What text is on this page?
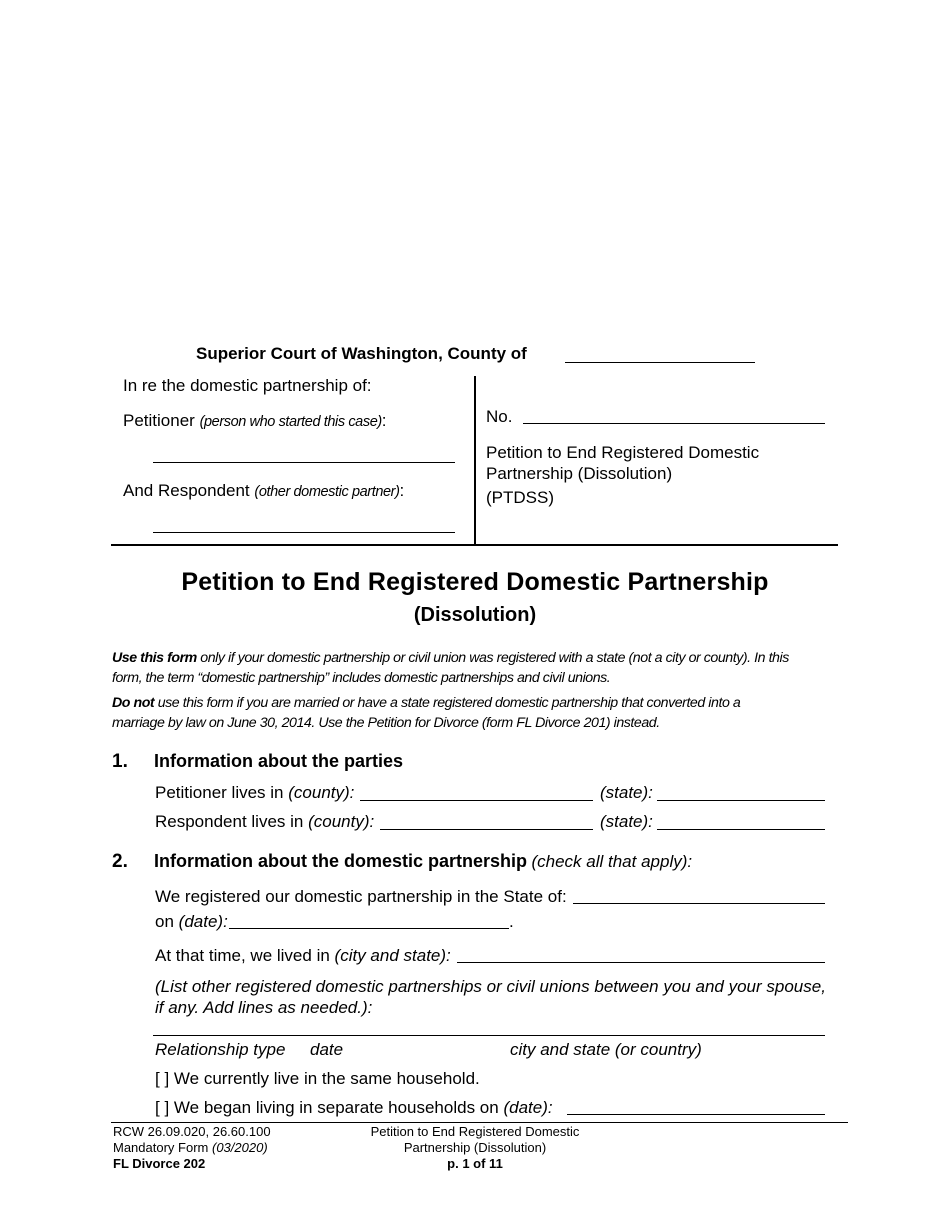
Superior Court of Washington, County of
In re the domestic partnership of:
Petitioner (person who started this case):
And Respondent (other domestic partner):
No.
Petition to End Registered Domestic
Partnership (Dissolution)
(PTDSS)
Petition to End Registered Domestic Partnership
(Dissolution)
Use this form only if your domestic partnership or civil union was registered with a state (not a city or county). In this
form, the term “domestic partnership” includes domestic partnerships and civil unions.
Do not use this form if you are married or have a state registered domestic partnership that converted into a
marriage by law on June 30, 2014. Use the Petition for Divorce (form FL Divorce 201) instead.
1. Information about the parties
Petitioner lives in (county):	(state):
Respondent lives in (county):	(state):
2. Information about the domestic partnership (check all that apply):
We registered our domestic partnership in the State of:
on (date):	.
At that time, we lived in (city and state):
(List other registered domestic partnerships or civil unions between you and your spouse,
if any. Add lines as needed.):
Relationship type date	city and state (or country)
[ ] We currently live in the same household.
[ ] We began living in separate households on (date):
RCW 26.09.020, 26.60.100
Mandatory Form (03/2020)
FL Divorce 202
Petition to End Registered Domestic
Partnership (Dissolution)
p. 1 of 11
